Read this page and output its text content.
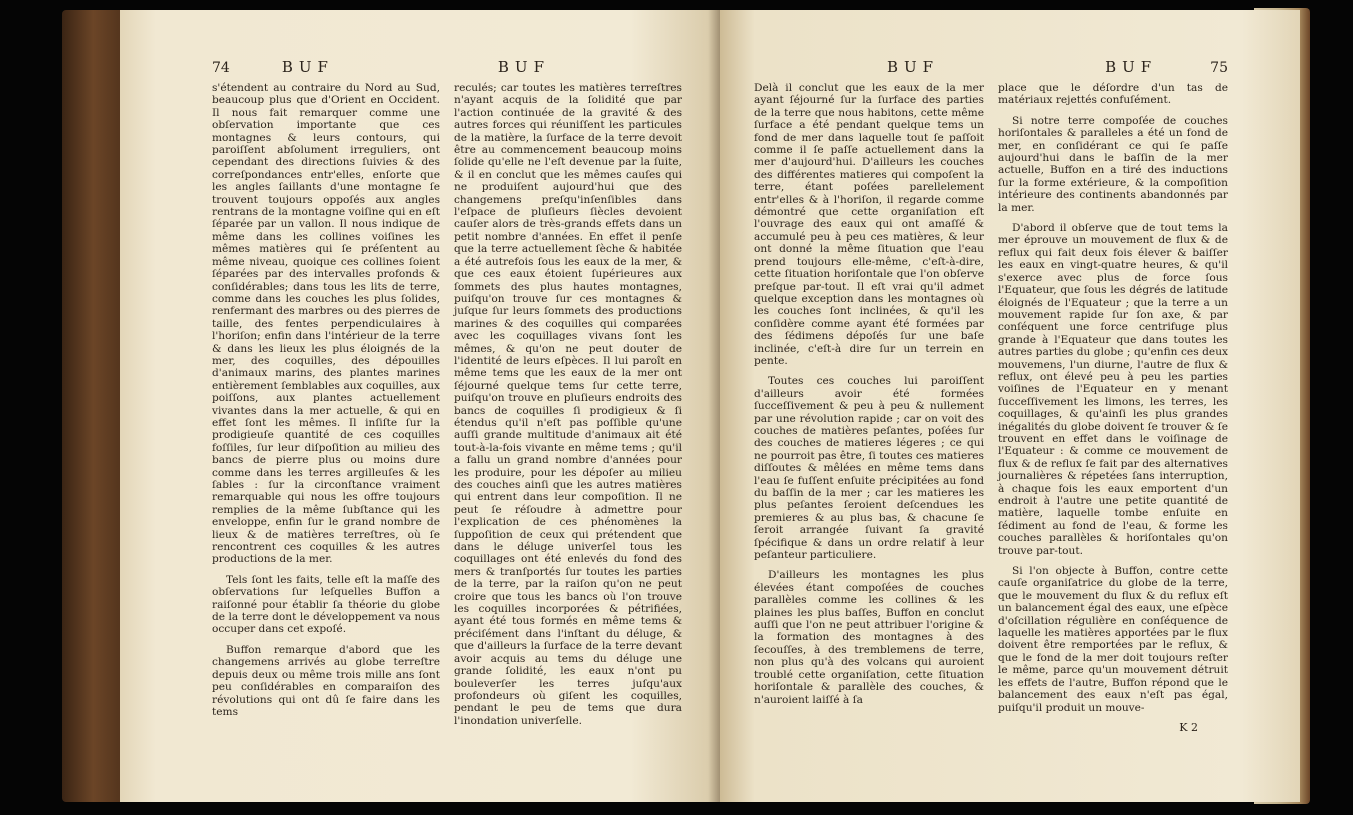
74	BUF	BUF

s'étendent au contraire du Nord au Sud, beaucoup plus que d'Orient en Occident. Il nous fait remarquer comme une obſervation importante que ces montagnes & leurs contours, qui paroiſſent abſolument irreguliers, ont cependant des directions ſuivies & des correſpondances entr'elles, enſorte que les angles ſaillants d'une montagne ſe trouvent toujours oppoſés aux angles rentrans de la montagne voiſine qui en eſt ſéparée par un vallon. Il nous indique de même dans les collines voiſines les mêmes matières qui ſe préſentent au même niveau, quoique ces collines ſoient ſéparées par des intervalles profonds & conſidérables; dans tous les lits de terre, comme dans les couches les plus ſolides, renfermant des marbres ou des pierres de taille, des fentes perpendiculaires à l'horiſon; enfin dans l'intérieur de la terre & dans les lieux les plus éloignés de la mer, des coquilles, des dépouilles d'animaux marins, des plantes marines entièrement ſemblables aux coquilles, aux poiſſons, aux plantes actuellement vivantes dans la mer actuelle, & qui en effet ſont les mêmes. Il inſiſte ſur la prodigieuſe quantité de ces coquilles foſſiles, ſur leur diſpoſition au milieu des bancs de pierre plus ou moins dure comme dans les terres argilleuſes & les ſables : ſur la circonſtance vraiment remarquable qui nous les offre toujours remplies de la même ſubſtance qui les enveloppe, enfin ſur le grand nombre de lieux & de matières terreſtres, où ſe rencontrent ces coquilles & les autres productions de la mer.

Tels ſont les faits, telle eſt la maſſe des obſervations ſur leſquelles Buffon a raiſonné pour établir ſa théorie du globe de la terre dont le développement va nous occuper dans cet expoſé.

Buffon remarque d'abord que les changemens arrivés au globe terreſtre depuis deux ou même trois mille ans ſont peu conſidérables en comparaiſon des révolutions qui ont dû ſe faire dans les tems

reculés; car toutes les matières terreſtres n'ayant acquis de la ſolidité que par l'action continuée de la gravité & des autres forces qui réuniſſent les particules de la matière, la ſurface de la terre devoit être au commencement beaucoup moins ſolide qu'elle ne l'eſt devenue par la ſuite, & il en conclut que les mêmes cauſes qui ne produiſent aujourd'hui que des changemens preſqu'inſenſibles dans l'eſpace de pluſieurs ſiècles devoient cauſer alors de très-grands effets dans un petit nombre d'années. En effet il penſe que la terre actuellement ſèche & habitée a été autrefois ſous les eaux de la mer, & que ces eaux étoient ſupérieures aux ſommets des plus hautes montagnes, puiſqu'on trouve ſur ces montagnes & juſque ſur leurs ſommets des productions marines & des coquilles qui comparées avec les coquillages vivans ſont les mêmes, & qu'on ne peut douter de l'identité de leurs eſpèces. Il lui paroît en même tems que les eaux de la mer ont ſéjourné quelque tems ſur cette terre, puiſqu'on trouve en pluſieurs endroits des bancs de coquilles ſi prodigieux & ſi étendus qu'il n'eſt pas poſſible qu'une auſſi grande multitude d'animaux ait été tout-à-la-fois vivante en même tems ; qu'il a fallu un grand nombre d'années pour les produire, pour les dépoſer au milieu des couches ainſi que les autres matières qui entrent dans leur compoſition. Il ne peut ſe réſoudre à admettre pour l'explication de ces phénomènes la ſuppoſition de ceux qui prétendent que dans le déluge univerſel tous les coquillages ont été enlevés du fond des mers & tranſportés ſur toutes les parties de la terre, par la raiſon qu'on ne peut croire que tous les bancs où l'on trouve les coquilles incorporées & pétrifiées, ayant été tous formés en même tems & préciſément dans l'inſtant du déluge, & que d'ailleurs la ſurface de la terre devant avoir acquis au tems du déluge une grande ſolidité, les eaux n'ont pu bouleverſer les terres juſqu'aux profondeurs où giſent les coquilles, pendant le peu de tems que dura l'inondation univerſelle.

BUF	BUF	75

Delà il conclut que les eaux de la mer ayant ſéjourné ſur la ſurface des parties de la terre que nous habitons, cette même ſurface a été pendant quelque tems un fond de mer dans laquelle tout ſe paſſoit comme il ſe paſſe actuellement dans la mer d'aujourd'hui. D'ailleurs les couches des différentes matieres qui compoſent la terre, étant poſées parellelement entr'elles & à l'horiſon, il regarde comme démontré que cette organiſation eſt l'ouvrage des eaux qui ont amaſſé & accumulé peu à peu ces matières, & leur ont donné la même ſituation que l'eau prend toujours elle-même, c'eſt-à-dire, cette ſituation horiſontale que l'on obſerve preſque par-tout. Il eſt vrai qu'il admet quelque exception dans les montagnes où les couches ſont inclinées, & qu'il les conſidère comme ayant été formées par des ſédimens dépoſés ſur une baſe inclinée, c'eſt-à dire ſur un terrein en pente.

Toutes ces couches lui paroiſſent d'ailleurs avoir été formées ſucceſſivement & peu à peu & nullement par une révolution rapide ; car on voit des couches de matières peſantes, poſées ſur des couches de matieres légeres ; ce qui ne pourroit pas être, ſi toutes ces matieres diſſoutes & mêlées en même tems dans l'eau ſe fuſſent enſuite précipitées au fond du baſſin de la mer ; car les matieres les plus peſantes ſeroient deſcendues les premieres & au plus bas, & chacune ſe ſeroit arrangée ſuivant ſa gravité ſpécifique & dans un ordre relatif à leur peſanteur particuliere.

D'ailleurs les montagnes les plus élevées étant compoſées de couches parallèles comme les collines & les plaines les plus baſſes, Buffon en conclut auſſi que l'on ne peut attribuer l'origine & la formation des montagnes à des ſecouſſes, à des tremblemens de terre, non plus qu'à des volcans qui auroient troublé cette organiſation, cette ſituation horiſontale & parallèle des couches, & n'auroient laiſſé à ſa

place que le déſordre d'un tas de matériaux rejettés confuſément.

Si notre terre compoſée de couches horiſontales & paralleles a été un fond de mer, en conſidérant ce qui ſe paſſe aujourd'hui dans le baſſin de la mer actuelle, Buffon en a tiré des inductions ſur la forme extérieure, & la compoſition intérieure des continents abandonnés par la mer.

D'abord il obſerve que de tout tems la mer éprouve un mouvement de flux & de reflux qui fait deux fois élever & baiſſer les eaux en vingt-quatre heures, & qu'il s'exerce avec plus de force ſous l'Equateur, que ſous les dégrés de latitude éloignés de l'Equateur ; que la terre a un mouvement rapide ſur ſon axe, & par conſéquent une force centrifuge plus grande à l'Equateur que dans toutes les autres parties du globe ; qu'enfin ces deux mouvemens, l'un diurne, l'autre de flux & reflux, ont élevé peu à peu les parties voiſines de l'Equateur en y menant ſucceſſivement les limons, les terres, les coquillages, & qu'ainſi les plus grandes inégalités du globe doivent ſe trouver & ſe trouvent en effet dans le voiſinage de l'Equateur : & comme ce mouvement de flux & de reflux ſe fait par des alternatives journalières & répetées ſans interruption, à chaque fois les eaux emportent d'un endroit à l'autre une petite quantité de matière, laquelle tombe enſuite en ſédiment au fond de l'eau, & forme les couches parallèles & horiſontales qu'on trouve par-tout.

Si l'on objecte à Buffon, contre cette cauſe organiſatrice du globe de la terre, que le mouvement du flux & du reflux eſt un balancement égal des eaux, une eſpèce d'oſcillation régulière en conſéquence de laquelle les matières apportées par le flux doivent être remportées par le reflux, & que le fond de la mer doit toujours reſter le même, parce qu'un mouvement détruit les effets de l'autre, Buffon répond que le balancement des eaux n'eſt pas égal, puiſqu'il produit un mouve-

K 2
